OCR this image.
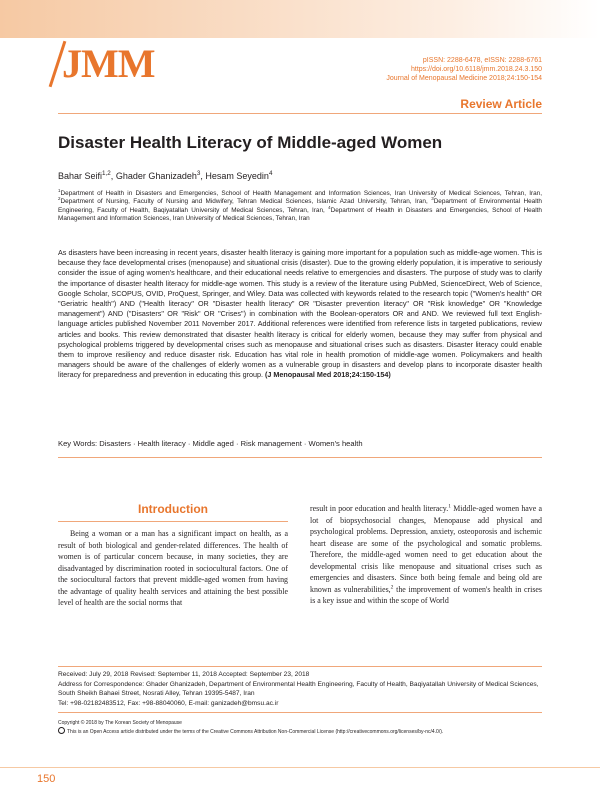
JMM	pISSN: 2288-6478, eISSN: 2288-6761
https://doi.org/10.6118/jmm.2018.24.3.150
Journal of Menopausal Medicine 2018;24:150-154
Review Article
Disaster Health Literacy of Middle-aged Women
Bahar Seifi$^{1,2}$, Ghader Ghanizadeh$^3$, Hesam Seyedin$^4$
$^1$Department of Health in Disasters and Emergencies, School of Health Management and Information Sciences, Iran University of Medical Sciences, Tehran, Iran, $^2$Department of Nursing, Faculty of Nursing and Midwifery, Tehran Medical Sciences, Islamic Azad University, Tehran, Iran, $^3$Department of Environmental Health Engineering, Faculty of Health, Baqiyatallah University of Medical Sciences, Tehran, Iran, $^4$Department of Health in Disasters and Emergencies, School of Health Management and Information Sciences, Iran University of Medical Sciences, Tehran, Iran
As disasters have been increasing in recent years, disaster health literacy is gaining more important for a population such as middle-age women. This is because they face developmental crises (menopause) and situational crisis (disaster). Due to the growing elderly population, it is imperative to seriously consider the issue of aging women's healthcare, and their educational needs relative to emergencies and disasters. The purpose of study was to clarify the importance of disaster health literacy for middle-age women. This study is a review of the literature using PubMed, ScienceDirect, Web of Science, Google Scholar, SCOPUS, OVID, ProQuest, Springer, and Wiley. Data was collected with keywords related to the research topic ("Women's health" OR "Geriatric health") AND ("Health literacy" OR "Disaster health literacy" OR "Disaster prevention literacy" OR "Risk knowledge" OR "Knowledge management") AND ("Disasters" OR "Risk" OR "Crises") in combination with the Boolean-operators OR and AND. We reviewed full text English-language articles published November 2011 November 2017. Additional references were identified from reference lists in targeted publications, review articles and books. This review demonstrated that disaster health literacy is critical for elderly women, because they may suffer from physical and psychological problems triggered by developmental crises such as menopause and situational crises such as disasters. Disaster literacy could enable them to improve resiliency and reduce disaster risk. Education has vital role in health promotion of middle-age women. Policymakers and health managers should be aware of the challenges of elderly women as a vulnerable group in disasters and develop plans to incorporate disaster health literacy for preparedness and prevention in educating this group. (J Menopausal Med 2018;24:150-154)
Key Words: Disasters · Health literacy · Middle aged · Risk management · Women's health
Introduction
Being a woman or a man has a significant impact on health, as a result of both biological and gender-related differences. The health of women is of particular concern because, in many societies, they are disadvantaged by discrimination rooted in sociocultural factors. One of the sociocultural factors that prevent middle-aged women from having the advantage of quality health services and attaining the best possible level of health are the social norms that
result in poor education and health literacy.$^1$ Middle-aged women have a lot of biopsychosocial changes, Menopause add physical and psychological problems. Depression, anxiety, osteoporosis and ischemic heart disease are some of the psychological and somatic problems. Therefore, the middle-aged women need to get education about the developmental crisis like menopause and situational crises such as emergencies and disasters. Since both being female and being old are known as vulnerabilities,$^2$ the improvement of women's health in crises is a key issue and within the scope of World
Received: July 29, 2018 Revised: September 11, 2018 Accepted: September 23, 2018
Address for Correspondence: Ghader Ghanizadeh, Department of Environmental Health Engineering, Faculty of Health, Baqiyatallah University of Medical Sciences, South Sheikh Bahaei Street, Nosrati Alley, Tehran 19395-5487, Iran
Tel: +98-02182483512, Fax: +98-88040060, E-mail: ganizadeh@bmsu.ac.ir
Copyright © 2018 by The Korean Society of Menopause
This is an Open Access article distributed under the terms of the Creative Commons Attribution Non-Commercial License (http://creativecommons.org/licenses/by-nc/4.0/).
150
